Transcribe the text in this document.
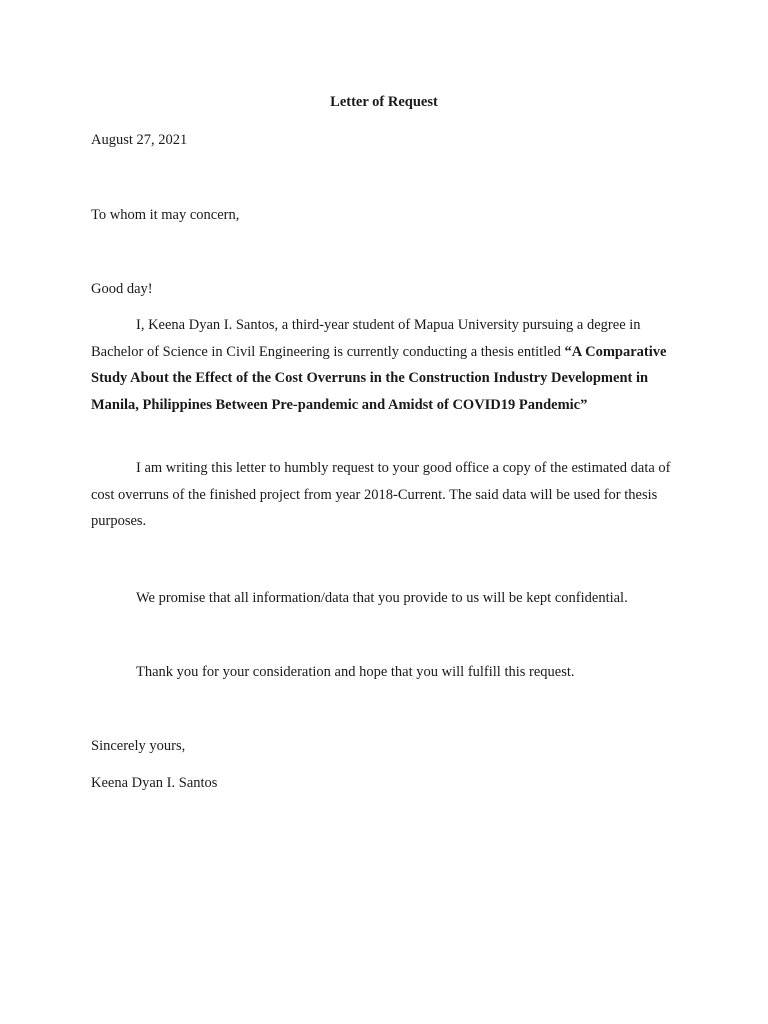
Letter of Request
August 27, 2021
To whom it may concern,
Good day!

I, Keena Dyan I. Santos, a third-year student of Mapua University pursuing a degree in Bachelor of Science in Civil Engineering is currently conducting a thesis entitled “A Comparative Study About the Effect of the Cost Overruns in the Construction Industry Development in Manila, Philippines Between Pre-pandemic and Amidst of COVID19 Pandemic”

I am writing this letter to humbly request to your good office a copy of the estimated data of cost overruns of the finished project from year 2018-Current. The said data will be used for thesis purposes.

We promise that all information/data that you provide to us will be kept confidential.
Thank you for your consideration and hope that you will fulfill this request.
Sincerely yours,
Keena Dyan I. Santos
